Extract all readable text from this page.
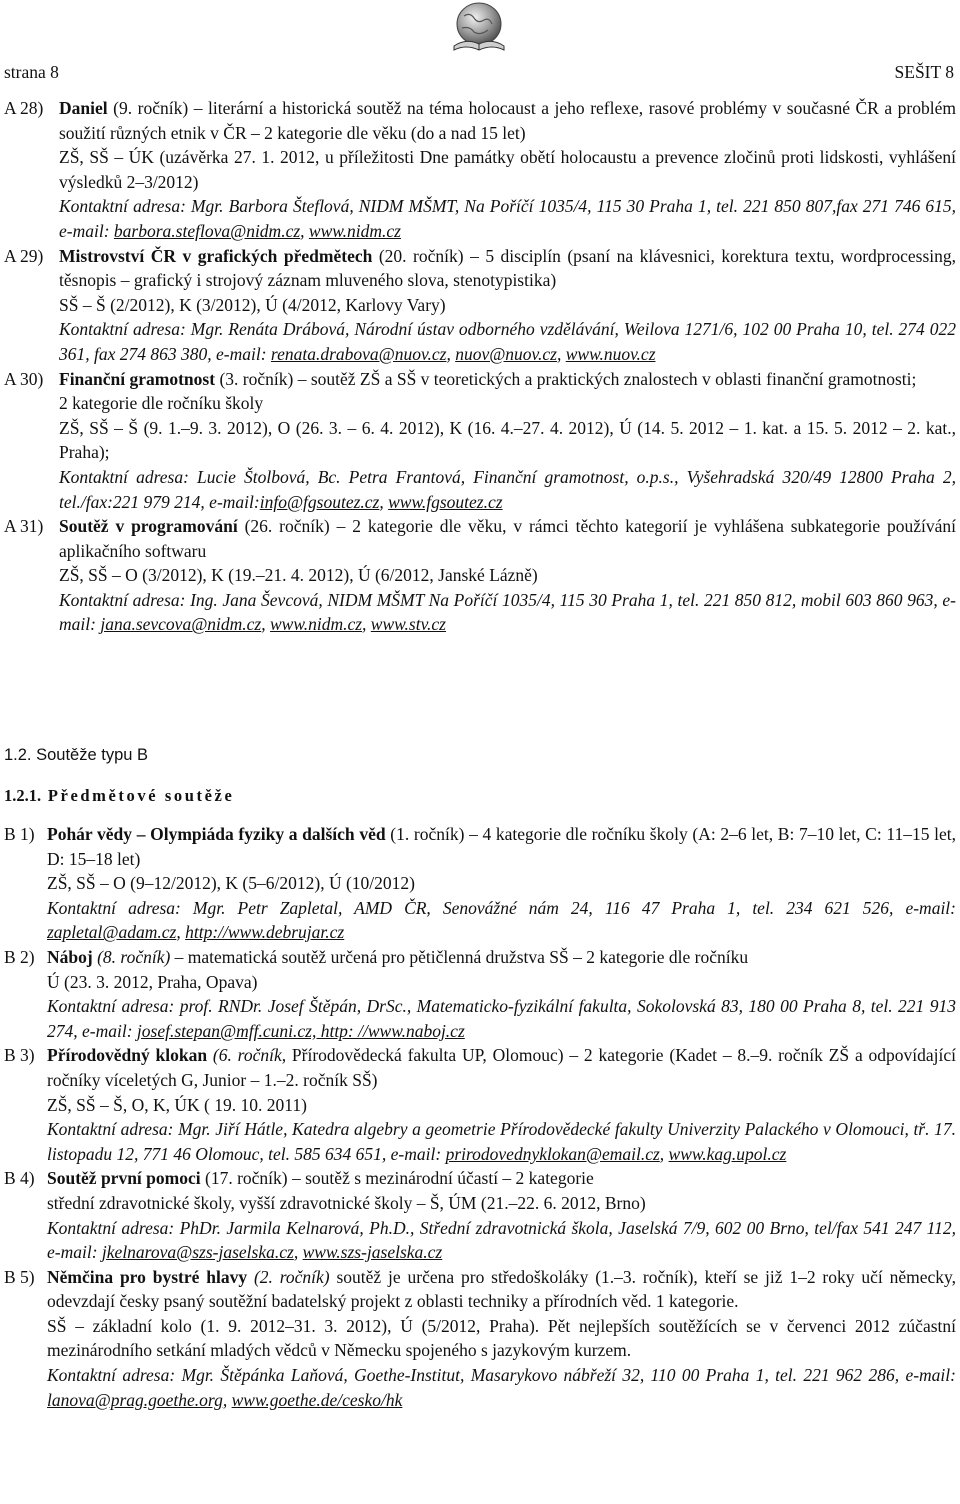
strana 8	SEŠIT 8
A 28) Daniel (9. ročník) – literární a historická soutěž na téma holocaust a jeho reflexe, rasové problémy v současné ČR a problém soužití různých etnik v ČR – 2 kategorie dle věku (do a nad 15 let)

ZŠ, SŠ – ÚK (uzávěrka 27. 1. 2012, u příležitosti Dne památky obětí holocaustu a prevence zločinů proti lidskosti, vyhlášení výsledků 2–3/2012)

Kontaktní adresa: Mgr. Barbora Šteflová, NIDM MŠMT, Na Poříčí 1035/4, 115 30 Praha 1, tel. 221 850 807,fax 271 746 615, e-mail: barbora.steflova@nidm.cz, www.nidm.cz

A 29) Mistrovství ČR v grafických předmětech (20. ročník) – 5 disciplín (psaní na klávesnici, korektura textu, wordprocessing, těsnopis – grafický i strojový záznam mluveného slova, stenotypistika)

SŠ – Š (2/2012), K (3/2012), Ú (4/2012, Karlovy Vary)

Kontaktní adresa: Mgr. Renáta Drábová, Národní ústav odborného vzdělávání, Weilova 1271/6, 102 00 Praha 10, tel. 274 022 361, fax 274 863 380, e-mail: renata.drabova@nuov.cz, nuov@nuov.cz, www.nuov.cz

A 30) Finanční gramotnost (3. ročník) – soutěž ZŠ a SŠ v teoretických a praktických znalostech v oblasti finanční gramotnosti;

2 kategorie dle ročníku školy

ZŠ, SŠ – Š (9. 1.–9. 3. 2012), O (26. 3. – 6. 4. 2012), K (16. 4.–27. 4. 2012), Ú (14. 5. 2012 – 1. kat. a 15. 5. 2012 – 2. kat., Praha);

Kontaktní adresa: Lucie Štolbová, Bc. Petra Frantová, Finanční gramotnost, o.p.s., Vyšehradská 320/49 12800 Praha 2, tel./fax:221 979 214, e-mail:info@fgsoutez.cz, www.fgsoutez.cz

A 31) Soutěž v programování (26. ročník) – 2 kategorie dle věku, v rámci těchto kategorií je vyhlášena subkategorie používání aplikačního softwaru

ZŠ, SŠ – O (3/2012), K (19.–21. 4. 2012), Ú (6/2012, Janské Lázně)

Kontaktní adresa: Ing. Jana Ševcová, NIDM MŠMT Na Poříčí 1035/4, 115 30 Praha 1, tel. 221 850 812, mobil 603 860 963, e-mail: jana.sevcova@nidm.cz, www.nidm.cz, www.stv.cz

1.2. Soutěže typu B
1.2.1. Předmětové soutěže
B 1) Pohár vědy – Olympiáda fyziky a dalších věd (1. ročník) – 4 kategorie dle ročníku školy (A: 2–6 let, B: 7–10 let, C: 11–15 let, D: 15–18 let)

ZŠ, SŠ – O (9–12/2012), K (5–6/2012), Ú (10/2012)

Kontaktní adresa: Mgr. Petr Zapletal, AMD ČR, Senovážné nám 24, 116 47 Praha 1, tel. 234 621 526, e-mail: zapletal@adam.cz, http://www.debrujar.cz

B 2) Náboj (8. ročník) – matematická soutěž určená pro pětičlenná družstva SŠ – 2 kategorie dle ročníku

Ú (23. 3. 2012, Praha, Opava)

Kontaktní adresa: prof. RNDr. Josef Štěpán, DrSc., Matematicko-fyzikální fakulta, Sokolovská 83, 180 00 Praha 8, tel. 221 913 274, e-mail: josef.stepan@mff.cuni.cz, http: //www.naboj.cz

B 3) Přírodovědný klokan (6. ročník, Přírodovědecká fakulta UP, Olomouc) – 2 kategorie (Kadet – 8.–9. ročník ZŠ a odpovídající ročníky víceletých G, Junior – 1.–2. ročník SŠ)

ZŠ, SŠ – Š, O, K, ÚK ( 19. 10. 2011)

Kontaktní adresa: Mgr. Jiří Hátle, Katedra algebry a geometrie Přírodovědecké fakulty Univerzity Palackého v Olomouci, tř. 17. listopadu 12, 771 46 Olomouc, tel. 585 634 651, e-mail: prirodovednyklokan@email.cz, www.kag.upol.cz

B 4) Soutěž první pomoci (17. ročník) – soutěž s mezinárodní účastí – 2 kategorie

střední zdravotnické školy, vyšší zdravotnické školy – Š, ÚM (21.–22. 6. 2012, Brno)

Kontaktní adresa: PhDr. Jarmila Kelnarová, Ph.D., Střední zdravotnická škola, Jaselská 7/9, 602 00 Brno, tel/fax 541 247 112, e-mail: jkelnarova@szs-jaselska.cz, www.szs-jaselska.cz

B 5) Němčina pro bystré hlavy (2. ročník) soutěž je určena pro středoškoláky (1.–3. ročník), kteří se již 1–2 roky učí německy, odevzdají česky psaný soutěžní badatelský projekt z oblasti techniky a přírodních věd. 1 kategorie.

SŠ – základní kolo (1. 9. 2012–31. 3. 2012), Ú (5/2012, Praha). Pět nejlepších soutěžících se v červenci 2012 zúčastní mezinárodního setkání mladých vědců v Německu spojeného s jazykovým kurzem.

Kontaktní adresa: Mgr. Štěpánka Laňová, Goethe-Institut, Masarykovo nábřeží 32, 110 00 Praha 1, tel. 221 962 286, e-mail: lanova@prag.goethe.org, www.goethe.de/cesko/hk
